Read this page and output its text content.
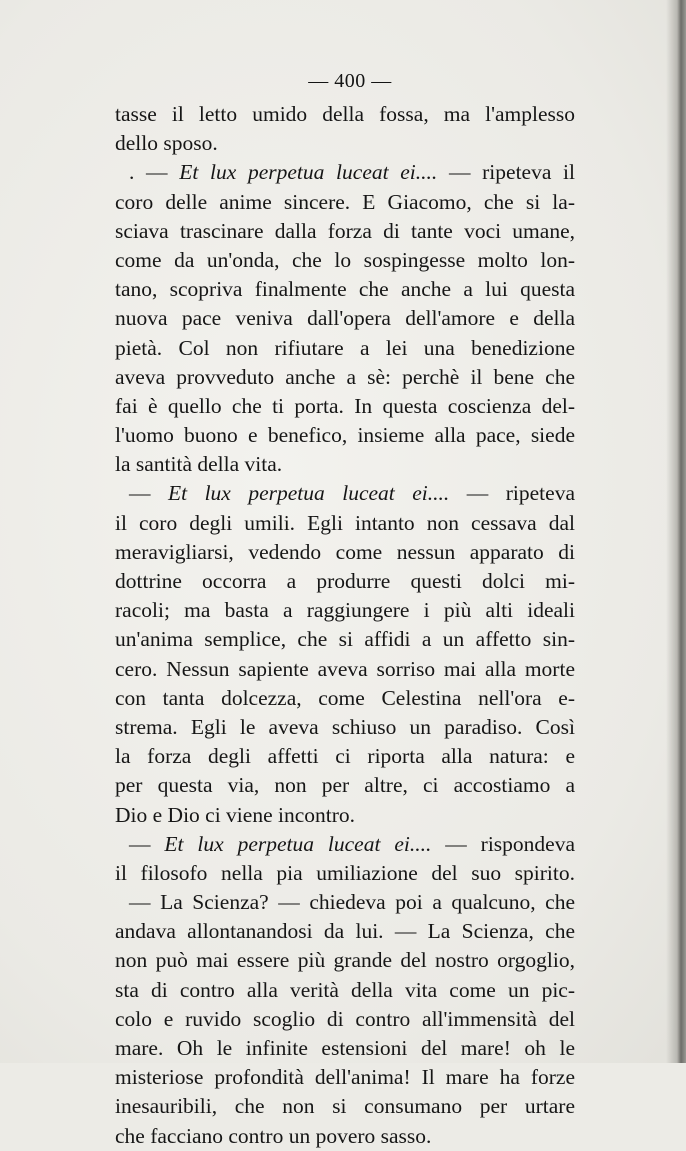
— 400 —
tasse il letto umido della fossa, ma l'amplesso
dello sposo.
. — Et lux perpetua luceat ei.... — ripeteva il
coro delle anime sincere. E Giacomo, che si la-
sciava trascinare dalla forza di tante voci umane,
come da un'onda, che lo sospingesse molto lon-
tano, scopriva finalmente che anche a lui questa
nuova pace veniva dall'opera dell'amore e della
pietà. Col non rifiutare a lei una benedizione
aveva provveduto anche a sè: perchè il bene che
fai è quello che ti porta. In questa coscienza del-
l'uomo buono e benefico, insieme alla pace, siede
la santità della vita.
— Et lux perpetua luceat ei.... — ripeteva
il coro degli umili. Egli intanto non cessava dal
meravigliarsi, vedendo come nessun apparato di
dottrine occorra a produrre questi dolci mi-
racoli; ma basta a raggiungere i più alti ideali
un'anima semplice, che si affidi a un affetto sin-
cero. Nessun sapiente aveva sorriso mai alla morte
con tanta dolcezza, come Celestina nell'ora e-
strema. Egli le aveva schiuso un paradiso. Così
la forza degli affetti ci riporta alla natura: e
per questa via, non per altre, ci accostiamo a
Dio e Dio ci viene incontro.
— Et lux perpetua luceat ei.... — rispondeva
il filosofo nella pia umiliazione del suo spirito.
— La Scienza? — chiedeva poi a qualcuno, che
andava allontanandosi da lui. — La Scienza, che
non può mai essere più grande del nostro orgoglio,
sta di contro alla verità della vita come un pic-
colo e ruvido scoglio di contro all'immensità del
mare. Oh le infinite estensioni del mare! oh le
misteriose profondità dell'anima! Il mare ha forze
inesauribili, che non si consumano per urtare
che facciano contro un povero sasso.
